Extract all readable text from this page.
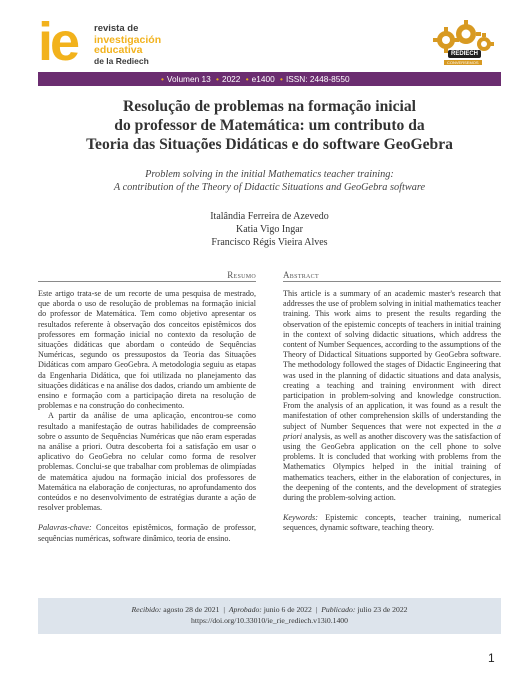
ie revista de
investigación
educativa
de la Rediech
REDIECH
CONVERSEMOS
• Volumen 13 • 2022 • e1400 • ISSN: 2448-8550
Resolução de problemas na formação inicial
do professor de Matemática: um contributo da
Teoria das Situações Didáticas e do software GeoGebra
Problem solving in the initial Mathematics teacher training:
A contribution of the Theory of Didactic Situations and GeoGebra software
Italândia Ferreira de Azevedo
Katia Vigo Ingar
Francisco Régis Vieira Alves
Resumo

Este artigo trata-se de um recorte de uma pesquisa de mestrado, que aborda o uso de resolução de problemas na formação inicial do professor de Matemática. Tem como objetivo apresentar os resultados referente à observação dos conceitos epistêmicos dos professores em formação inicial no contexto da resolução de situações didáticas que abordam o conteúdo de Sequências Numéricas, segundo os pressupostos da Teoria das Situações Didáticas com amparo GeoGebra. A metodologia seguiu as etapas da Engenharia Didática, que foi utilizada no planejamento das situações didáticas e na análise dos dados, criando um ambiente de ensino e formação com a participação direta na resolução de problemas e na construção do conhecimento.

A partir da análise de uma aplicação, encontrou-se como resultado a manifestação de outras habilidades de compreensão sobre o assunto de Sequências Numéricas que não eram esperadas na análise a priori. Outra descoberta foi a satisfação em usar o aplicativo do GeoGebra no celular como forma de resolver problemas. Conclui-se que trabalhar com problemas de olimpíadas de matemática ajudou na formação inicial dos professores de Matemática na elaboração de conjecturas, no aprofundamento dos conteúdos e no desenvolvimento de estratégias durante a ação de resolver problemas.

Palavras-chave: Conceitos epistêmicos, formação de professor, sequências numéricas, software dinâmico, teoria de ensino.
Abstract

This article is a summary of an academic master's research that addresses the use of problem solving in initial mathematics teacher training. This work aims to present the results regarding the observation of the epistemic concepts of teachers in initial training in the context of solving didactic situations, which address the content of Number Sequences, according to the assumptions of the Theory of Didactical Situations supported by GeoGebra software. The methodology followed the stages of Didactic Engineering that was used in the planning of didactic situations and data analysis, creating a teaching and training environment with direct participation in problem-solving and knowledge construction. From the analysis of an application, it was found as a result the manifestation of other comprehension skills of understanding the subject of Number Sequences that were not expected in the a priori analysis, as well as another discovery was the satisfaction of using the GeoGebra application on the cell phone to solve problems. It is concluded that working with problems from the Mathematics Olympics helped in the initial training of mathematics teachers, either in the elaboration of conjectures, in the deepening of the contents, and the development of strategies during the problem-solving action.

Keywords: Epistemic concepts, teacher training, numerical sequences, dynamic software, teaching theory.
Recibido: agosto 28 de 2021 | Aprobado: junio 6 de 2022 | Publicado: julio 23 de 2022
https://doi.org/10.33010/ie_rie_rediech.v13i0.1400
1
